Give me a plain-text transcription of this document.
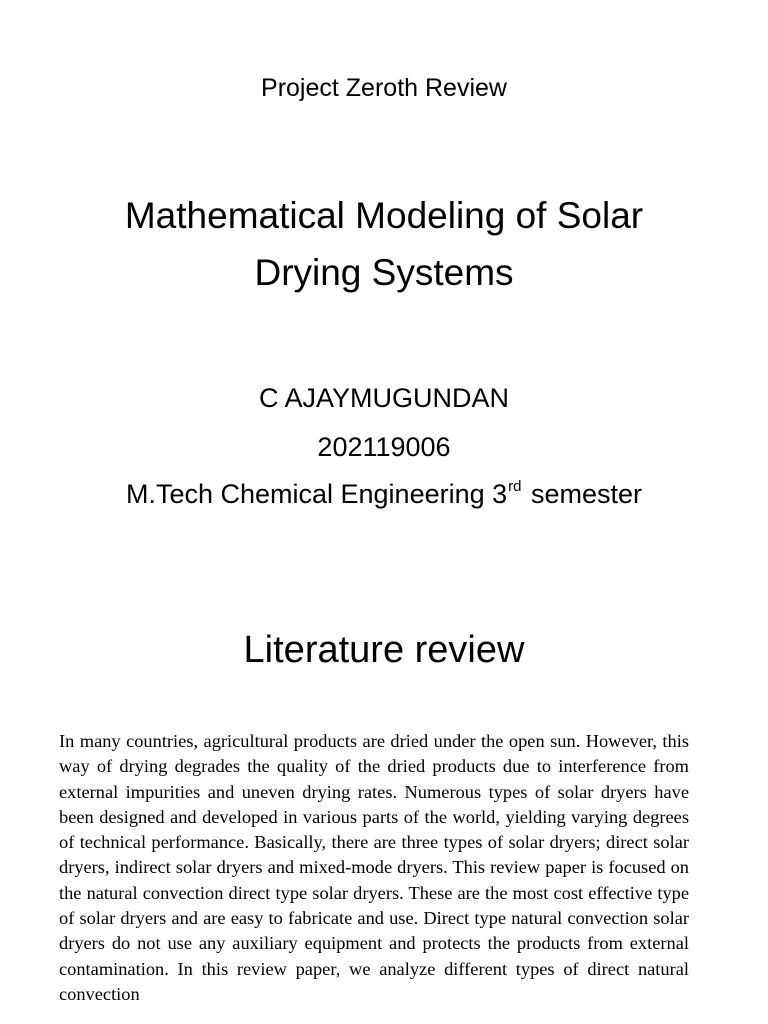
Project Zeroth Review
Mathematical Modeling of Solar
Drying Systems
C AJAYMUGUNDAN
202119006
M.Tech Chemical Engineering 3rd semester
Literature review

In many countries, agricultural products are dried under the open sun. However, this way of drying degrades the quality of the dried products due to interference from external impurities and uneven drying rates. Numerous types of solar dryers have been designed and developed in various parts of the world, yielding varying degrees of technical performance. Basically, there are three types of solar dryers; direct solar dryers, indirect solar dryers and mixed-mode dryers. This review paper is focused on the natural convection direct type solar dryers. These are the most cost effective type of solar dryers and are easy to fabricate and use. Direct type natural convection solar dryers do not use any auxiliary equipment and protects the products from external contamination. In this review paper, we analyze different types of direct natural convection
